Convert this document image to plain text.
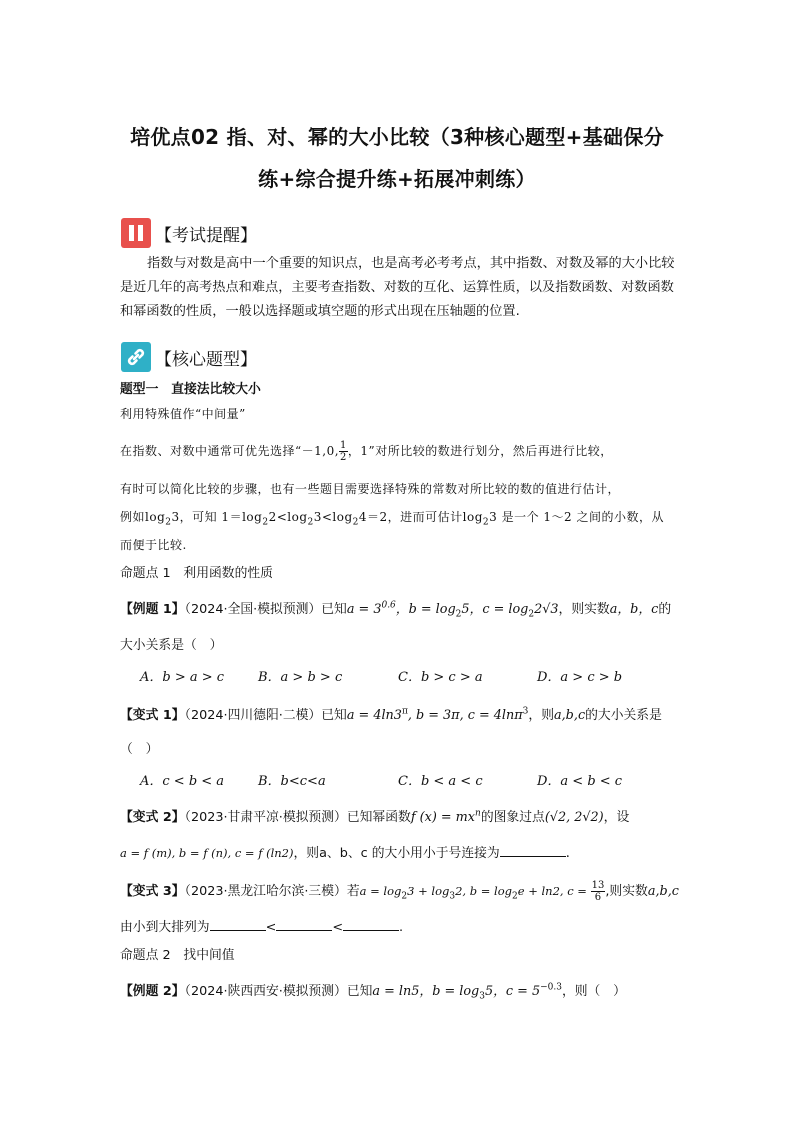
培优点02 指、对、幂的大小比较（3种核心题型+基础保分
练+综合提升练+拓展冲刺练）
【考试提醒】
指数与对数是高中一个重要的知识点，也是高考必考考点，其中指数、对数及幂的大小比较是近几年的高考热点和难点，主要考查指数、对数的互化、运算性质，以及指数函数、对数函数和幂函数的性质，一般以选择题或填空题的形式出现在压轴题的位置.
【核心题型】
题型一　直接法比较大小
利用特殊值作“中间量”
在指数、对数中通常可优先选择“－1,0, $\frac{1}{2}$ ，1”对所比较的数进行划分，然后再进行比较，
有时可以简化比较的步骤，也有一些题目需要选择特殊的常数对所比较的数的值进行估计，
例如$\log_23$，可知 $1=\log_22<\log_23<\log_24=2$，进而可估计$\log_23$ 是一个 1～2 之间的小数，从
而便于比较.
命题点 1　利用函数的性质
【例题 1】（2024·全国·模拟预测）已知$a = 3^{0.6}$，$b = \log_25$，$c = \log_22√3$，则实数a，b，c的
大小关系是（　）
A．b > a > c	B．a > b > c	C．b > c > a	D．a > c > b
【变式 1】（2024·四川德阳·二模）已知$a = 4\ln 3^\pi$, b = 3π, c = 4lnπ$^3$，则a,b,c的大小关系是
（　）
A．c < b < a	B．b<c<a	C．b < a < c	D．a < b < c
【变式 2】（2023·甘肃平凉·模拟预测）已知幂函数f $(x) = mx^n$的图象过点(√2, 2√2)，设
a = f (m), b = f (n), c = f (ln2)，则a、b、c 的大小用小于号连接为	.
【变式 3】（2023·黑龙江哈尔滨·三模）若$a = \log_23 + \log_32$, $b = \log_2e + \ln 2$, $c = \frac{13}{6}$ ,则实数a,b,c
由小到大排列为	<	<	.
命题点 2　找中间值
【例题 2】（2024·陕西西安·模拟预测）已知a = ln5，$b = \log_35$，$c = 5^{-0.3}$，则（　）
